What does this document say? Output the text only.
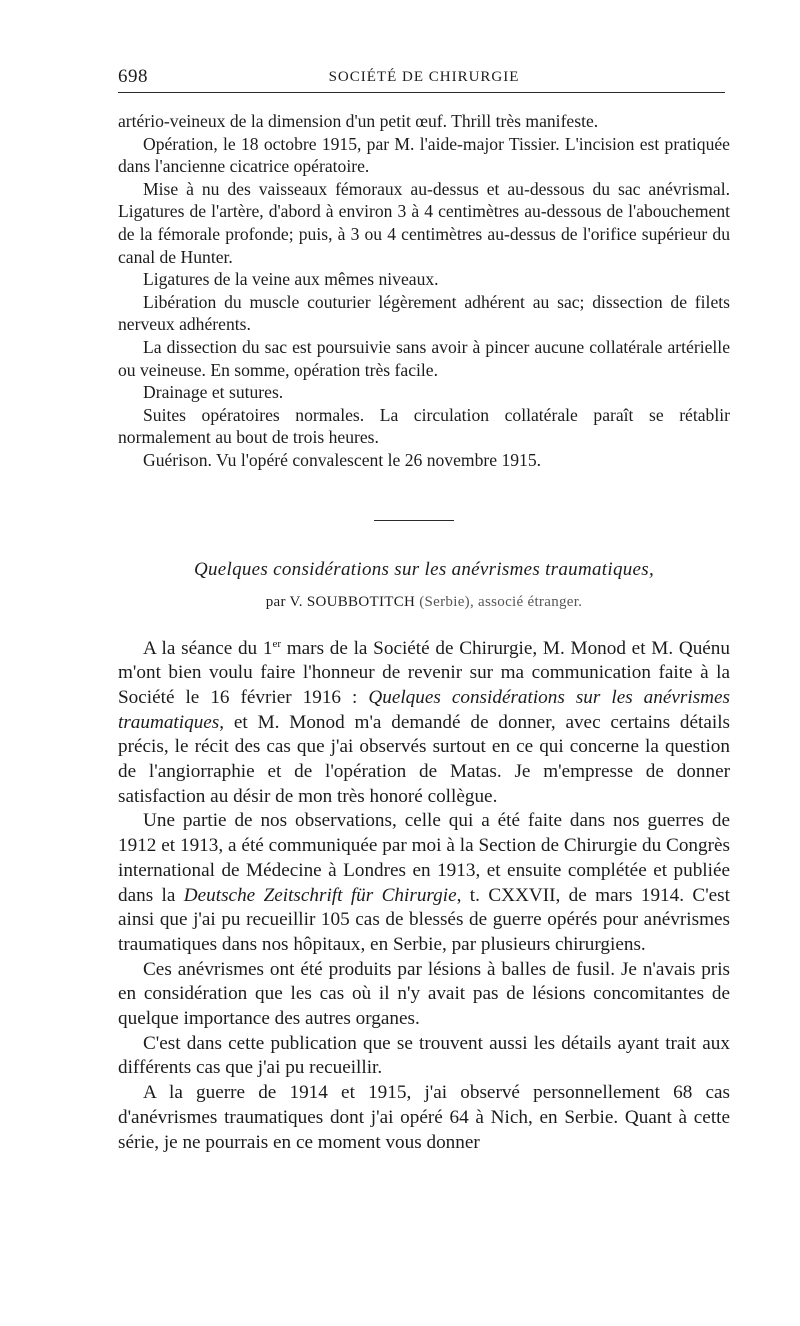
698	SOCIÉTÉ DE CHIRURGIE

artério-veineux de la dimension d'un petit œuf. Thrill très manifeste.

Opération, le 18 octobre 1915, par M. l'aide-major Tissier. L'incision est pratiquée dans l'ancienne cicatrice opératoire.

Mise à nu des vaisseaux fémoraux au-dessus et au-dessous du sac anévrismal. Ligatures de l'artère, d'abord à environ 3 à 4 centimètres au-dessous de l'abouchement de la fémorale profonde; puis, à 3 ou 4 centimètres au-dessus de l'orifice supérieur du canal de Hunter.

Ligatures de la veine aux mêmes niveaux.

Libération du muscle couturier légèrement adhérent au sac; dissection de filets nerveux adhérents.

La dissection du sac est poursuivie sans avoir à pincer aucune collatérale artérielle ou veineuse. En somme, opération très facile.

Drainage et sutures.

Suites opératoires normales. La circulation collatérale paraît se rétablir normalement au bout de trois heures.

Guérison. Vu l'opéré convalescent le 26 novembre 1915.

Quelques considérations sur les anévrismes traumatiques,
par V. SOUBBOTITCH (Serbie), associé étranger.

A la séance du 1er mars de la Société de Chirurgie, M. Monod et M. Quénu m'ont bien voulu faire l'honneur de revenir sur ma communication faite à la Société le 16 février 1916 : Quelques considérations sur les anévrismes traumatiques, et M. Monod m'a demandé de donner, avec certains détails précis, le récit des cas que j'ai observés surtout en ce qui concerne la question de l'angiorraphie et de l'opération de Matas. Je m'empresse de donner satisfaction au désir de mon très honoré collègue.

Une partie de nos observations, celle qui a été faite dans nos guerres de 1912 et 1913, a été communiquée par moi à la Section de Chirurgie du Congrès international de Médecine à Londres en 1913, et ensuite complétée et publiée dans la Deutsche Zeitschrift für Chirurgie, t. CXXVII, de mars 1914. C'est ainsi que j'ai pu recueillir 105 cas de blessés de guerre opérés pour anévrismes traumatiques dans nos hôpitaux, en Serbie, par plusieurs chirurgiens.

Ces anévrismes ont été produits par lésions à balles de fusil. Je n'avais pris en considération que les cas où il n'y avait pas de lésions concomitantes de quelque importance des autres organes.

C'est dans cette publication que se trouvent aussi les détails ayant trait aux différents cas que j'ai pu recueillir.

A la guerre de 1914 et 1915, j'ai observé personnellement 68 cas d'anévrismes traumatiques dont j'ai opéré 64 à Nich, en Serbie. Quant à cette série, je ne pourrais en ce moment vous donner
